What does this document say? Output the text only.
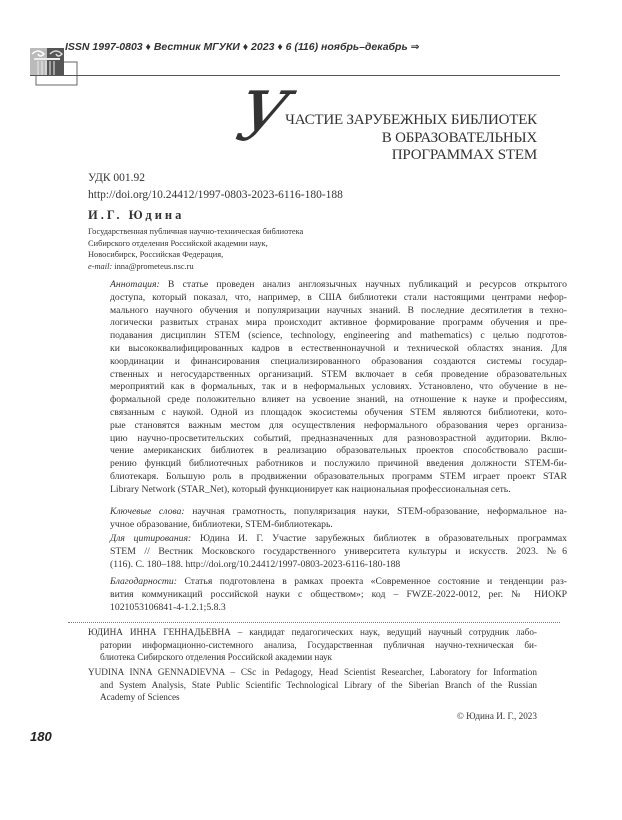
ISSN 1997-0803 ♦ Вестник МГУКИ ♦ 2023 ♦ 6 (116) ноябрь–декабрь ⇒
У
ЧАСТИЕ ЗАРУБЕЖНЫХ БИБЛИОТЕК
В ОБРАЗОВАТЕЛЬНЫХ
ПРОГРАММАХ STEM
УДК 001.92
http://doi.org/10.24412/1997-0803-2023-6116-180-188
И.Г. Юдина
Государственная публичная научно-техническая библиотека
Сибирского отделения Российской академии наук,
Новосибирск, Российская Федерация,
e-mail: inna@prometeus.nsc.ru
Аннотация: В статье проведен анализ англоязычных научных публикаций и ресурсов открытого
доступа, который показал, что, например, в США библиотеки стали настоящими центрами нефор-
мального научного обучения и популяризации научных знаний. В последние десятилетия в техно-
логически развитых странах мира происходит активное формирование программ обучения и пре-
подавания дисциплин STEM (science, technology, engineering and mathematics) с целью подготов-
ки высококвалифицированных кадров в естественнонаучной и технической областях знания. Для
координации и финансирования специализированного образования создаются системы государ-
ственных и негосударственных организаций. STEM включает в себя проведение образовательных
мероприятий как в формальных, так и в неформальных условиях. Установлено, что обучение в не-
формальной среде положительно влияет на усвоение знаний, на отношение к науке и профессиям,
связанным с наукой. Одной из площадок экосистемы обучения STEM являются библиотеки, кото-
рые становятся важным местом для осуществления неформального образования через организа-
цию научно-просветительских событий, предназначенных для разновозрастной аудитории. Вклю-
чение американских библиотек в реализацию образовательных проектов способствовало расши-
рению функций библиотечных работников и послужило причиной введения должности STEM-би-
блиотекаря. Большую роль в продвижении образовательных программ STEM играет проект STAR
Library Network (STAR_Net), который функционирует как национальная профессиональная сеть.
Ключевые слова: научная грамотность, популяризация науки, STEM-образование, неформальное на-
учное образование, библиотеки, STEM-библиотекарь.
Для цитирования: Юдина И. Г. Участие зарубежных библиотек в образовательных программах
STEM // Вестник Московского государственного университета культуры и искусств. 2023. №6
(116). С. 180–188. http://doi.org/10.24412/1997-0803-2023-6116-180-188
Благодарности: Статья подготовлена в рамках проекта «Современное состояние и тенденции раз-
вития коммуникаций российской науки с обществом»; код – FWZE-2022-0012, рег. № НИОКР
1021053106841-4-1.2.1;5.8.3
ЮДИНА ИННА ГЕННАДЬЕВНА – кандидат педагогических наук, ведущий научный сотрудник лабо-
ратории информационно-системного анализа, Государственная публичная научно-техническая би-
блиотека Сибирского отделения Российской академии наук
YUDINA INNA GENNADIEVNA – CSc in Pedagogy, Head Scientist Researcher, Laboratory for Information
and System Analysis, State Public Scientific Technological Library of the Siberian Branch of the Russian
Academy of Sciences
© Юдина И. Г., 2023
180
